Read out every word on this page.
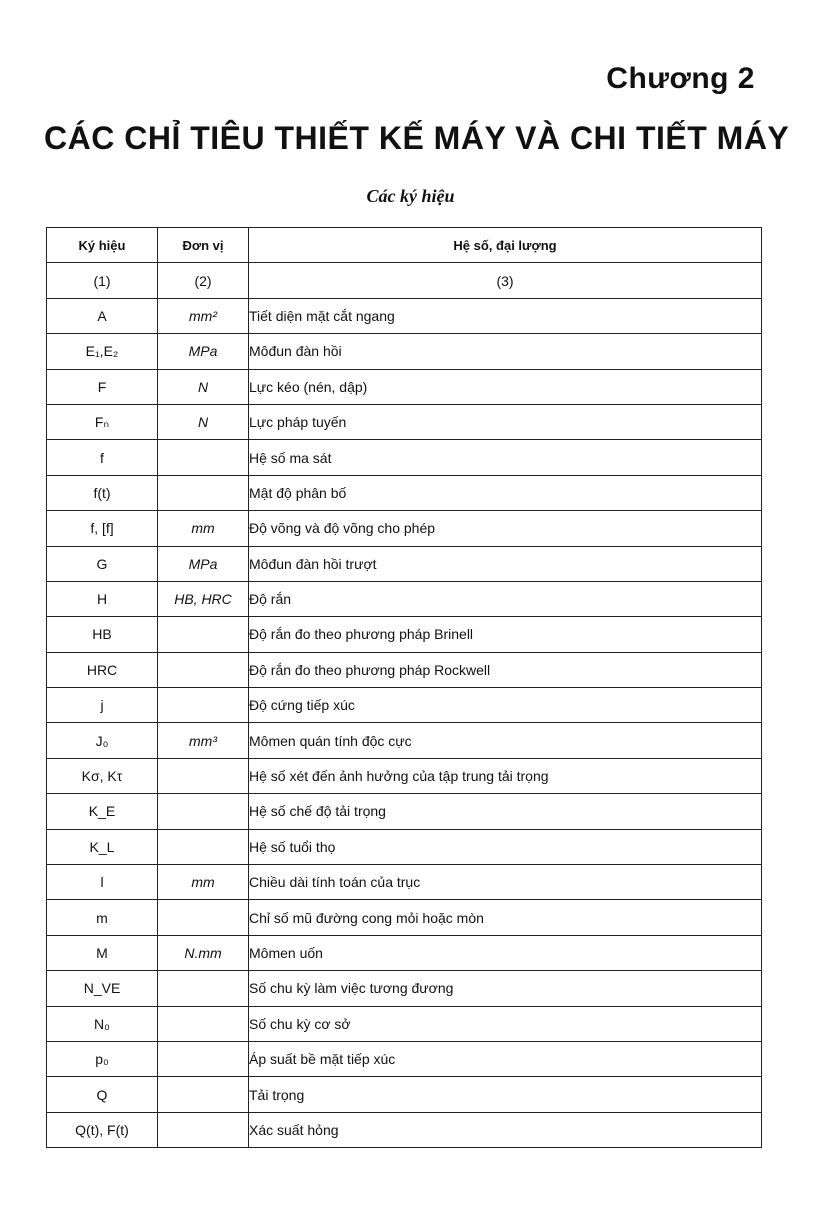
Chương 2
CÁC CHỈ TIÊU THIẾT KẾ MÁY VÀ CHI TIẾT MÁY
Các ký hiệu
Ký hiệu	Đơn vị	Hệ số, đại lượng
(1)	(2)	(3)
A	mm²	Tiết diện mặt cắt ngang
E₁,E₂	MPa	Môđun đàn hồi
F	N	Lực kéo (nén, dập)
Fₙ	N	Lực pháp tuyến
f		Hệ số ma sát
f(t)		Mật độ phân bố
f, [f]	mm	Độ võng và độ võng cho phép
G	MPa	Môđun đàn hồi trượt
H	HB, HRC	Độ rắn
HB		Độ rắn đo theo phương pháp Brinell
HRC		Độ rắn đo theo phương pháp Rockwell
j		Độ cứng tiếp xúc
J₀	mm³	Mômen quán tính độc cực
Kσ, Kτ		Hệ số xét đến ảnh hưởng của tập trung tải trọng
K_E		Hệ số chế độ tải trọng
K_L		Hệ số tuổi thọ
l	mm	Chiều dài tính toán của trục
m		Chỉ số mũ đường cong mỏi hoặc mòn
M	N.mm	Mômen uốn
N_VE		Số chu kỳ làm việc tương đương
N₀		Số chu kỳ cơ sở
p₀		Áp suất bề mặt tiếp xúc
Q		Tải trọng
Q(t), F(t)		Xác suất hỏng
